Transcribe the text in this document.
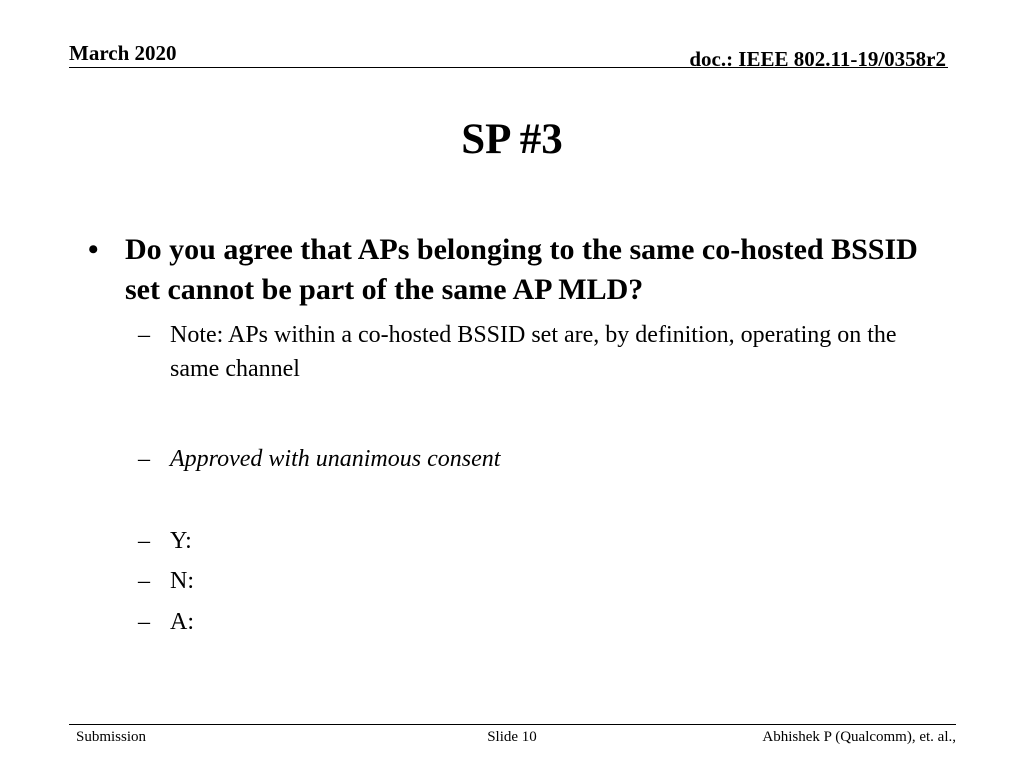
March 2020	doc.: IEEE 802.11-19/0358r2
SP #3
• Do you agree that APs belonging to the same co-hosted BSSID set cannot be part of the same AP MLD?
– Note: APs within a co-hosted BSSID set are, by definition, operating on the same channel
– Approved with unanimous consent
– Y:
– N:
– A:
Submission	Slide 10	Abhishek P (Qualcomm), et. al.,
